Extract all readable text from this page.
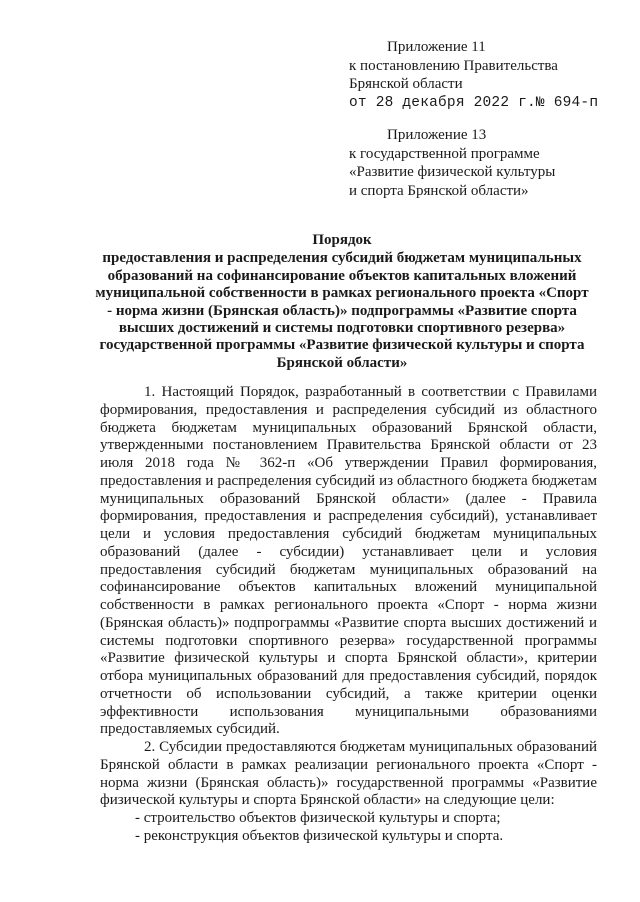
Приложение 11
к постановлению Правительства
Брянской области
от 28 декабря 2022 г.№ 694-п
Приложение 13
к государственной программе
«Развитие физической культуры
и спорта Брянской области»
Порядок
предоставления и распределения субсидий бюджетам муниципальных
образований на софинансирование объектов капитальных вложений
муниципальной собственности в рамках регионального проекта «Спорт
- норма жизни (Брянская область)» подпрограммы «Развитие спорта
высших достижений и системы подготовки спортивного резерва»
государственной программы «Развитие физической культуры и спорта
Брянской области»
1. Настоящий Порядок, разработанный в соответствии с Правилами
формирования, предоставления и распределения субсидий из областного
бюджета бюджетам муниципальных образований Брянской области,
утвержденными постановлением Правительства Брянской области от 23
июля 2018 года № 362-п «Об утверждении Правил формирования,
предоставления и распределения субсидий из областного бюджета бюджетам
муниципальных образований Брянской области» (далее - Правила
формирования, предоставления и распределения субсидий), устанавливает
цели и условия предоставления субсидий бюджетам муниципальных
образований (далее - субсидии) устанавливает цели и условия
предоставления субсидий бюджетам муниципальных образований на
софинансирование объектов капитальных вложений муниципальной
собственности в рамках регионального проекта «Спорт - норма жизни
(Брянская область)» подпрограммы «Развитие спорта высших достижений и
системы подготовки спортивного резерва» государственной программы
«Развитие физической культуры и спорта Брянской области», критерии
отбора муниципальных образований для предоставления субсидий, порядок
отчетности об использовании субсидий, а также критерии оценки
эффективности использования муниципальными образованиями
предоставляемых субсидий.
2. Субсидии предоставляются бюджетам муниципальных образований
Брянской области в рамках реализации регионального проекта «Спорт -
норма жизни (Брянская область)» государственной программы «Развитие
физической культуры и спорта Брянской области» на следующие цели:
- строительство объектов физической культуры и спорта;
- реконструкция объектов физической культуры и спорта.
